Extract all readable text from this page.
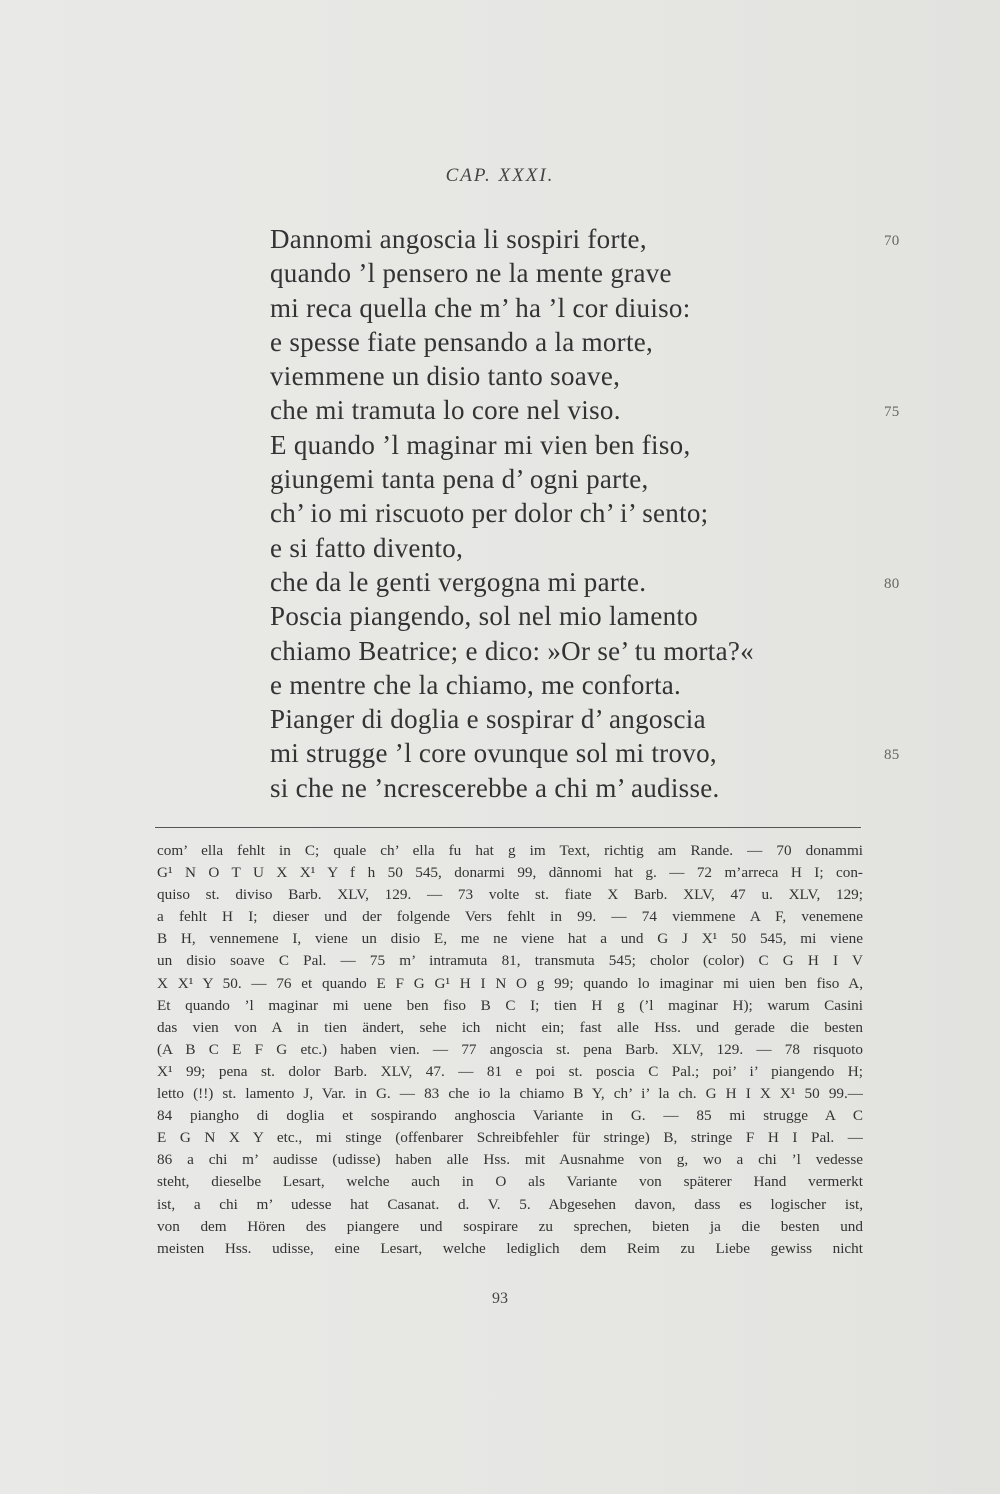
CAP. XXXI.
Dannomi angoscia li sospiri forte,	70
quando ’l pensero ne la mente grave
mi reca quella che m’ ha ’l cor diuiso:
e spesse fiate pensando a la morte,
viemmene un disio tanto soave,
che mi tramuta lo core nel viso.	75
E quando ’l maginar mi vien ben fiso,
giungemi tanta pena d’ ogni parte,
ch’ io mi riscuoto per dolor ch’ i’ sento;
e si fatto divento,
che da le genti vergogna mi parte.	80
Poscia piangendo, sol nel mio lamento
chiamo Beatrice; e dico: »Or se’ tu morta?«
e mentre che la chiamo, me conforta.
Pianger di doglia e sospirar d’ angoscia
mi strugge ’l core ovunque sol mi trovo,	85
si che ne ’ncrescerebbe a chi m’ audisse.
com’ ella fehlt in C; quale ch’ ella fu hat g im Text, richtig am Rande. — 70 donammi
G¹ N O T U X X¹ Y f h 50 545, donarmi 99, dãnnomi hat g. — 72 m’arreca H I; con-
quiso st. diviso Barb. XLV, 129. — 73 volte st. fiate X Barb. XLV, 47 u. XLV, 129;
a fehlt H I; dieser und der folgende Vers fehlt in 99. — 74 viemmene A F, venemene
B H, vennemene I, viene un disio E, me ne viene hat a und G J X¹ 50 545, mi viene
un disio soave C Pal. — 75 m’ intramuta 81, transmuta 545; cholor (color) C G H I V
X X¹ Y 50. — 76 et quando E F G G¹ H I N O g 99; quando lo imaginar mi uien ben fiso A,
Et quando ’l maginar mi uene ben fiso B C I; tien H g (’l maginar H); warum Casini
das vien von A in tien ändert, sehe ich nicht ein; fast alle Hss. und gerade die besten
(A B C E F G etc.) haben vien. — 77 angoscia st. pena Barb. XLV, 129. — 78 risquoto
X¹ 99; pena st. dolor Barb. XLV, 47. — 81 e poi st. poscia C Pal.; poi’ i’ piangendo H;
letto (!!) st. lamento J, Var. in G. — 83 che io la chiamo B Y, ch’ i’ la ch. G H I X X¹ 50 99.—
84 piangho di doglia et sospirando anghoscia Variante in G. — 85 mi strugge A C
E G N X Y etc., mi stinge (offenbarer Schreibfehler für stringe) B, stringe F H I Pal. —
86 a chi m’ audisse (udisse) haben alle Hss. mit Ausnahme von g, wo a chi ’l vedesse
steht, dieselbe Lesart, welche auch in O als Variante von späterer Hand vermerkt
ist, a chi m’ udesse hat Casanat. d. V. 5. Abgesehen davon, dass es logischer ist,
von dem Hören des piangere und sospirare zu sprechen, bieten ja die besten und
meisten Hss. udisse, eine Lesart, welche lediglich dem Reim zu Liebe gewiss nicht
93
